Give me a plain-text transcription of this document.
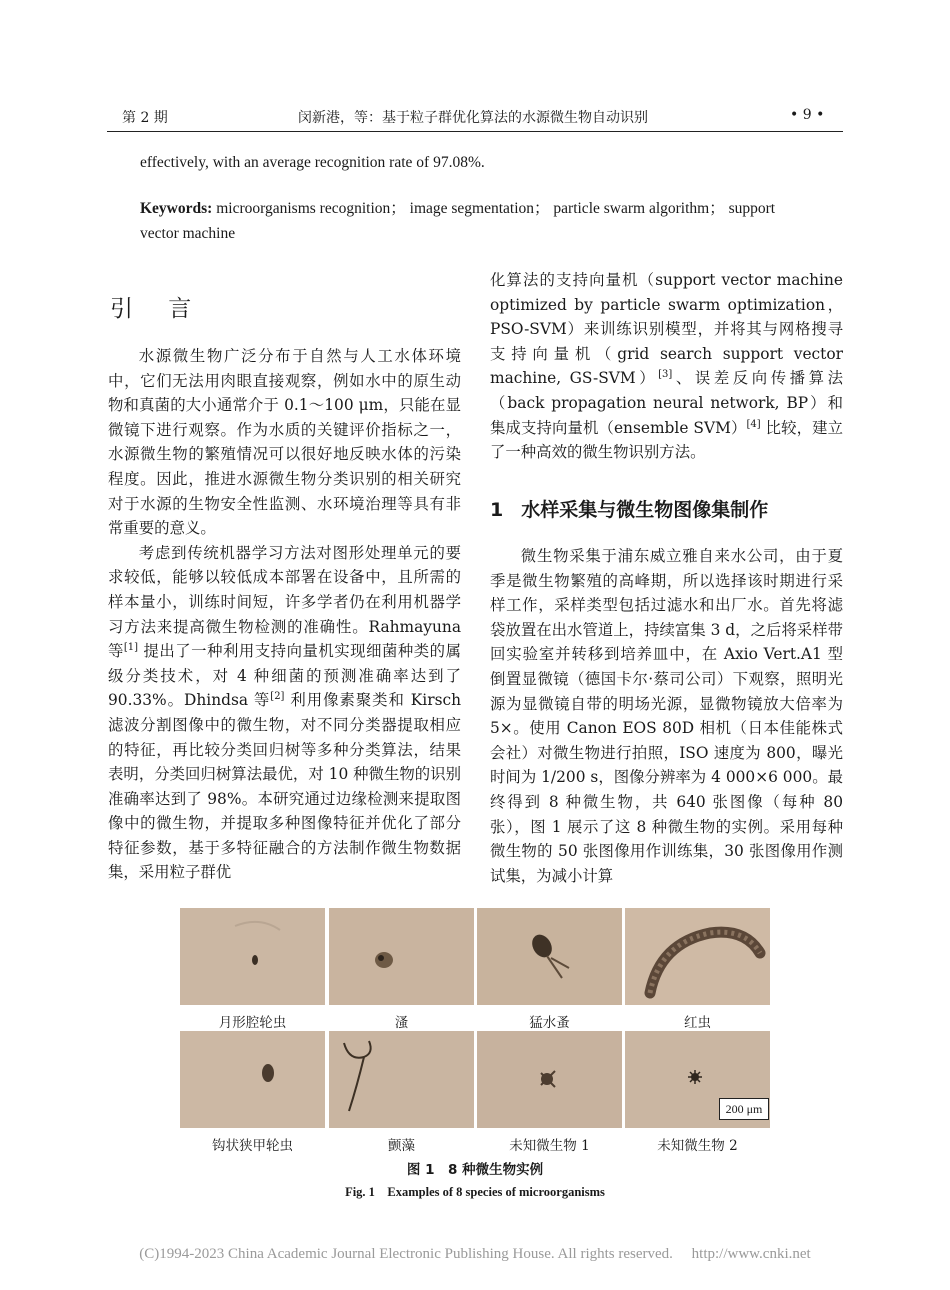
第 2 期	闵新港，等：基于粒子群优化算法的水源微生物自动识别	• 9 •
effectively, with an average recognition rate of 97.08%.
Keywords: microorganisms recognition； image segmentation； particle swarm algorithm； support vector machine
引 言

水源微生物广泛分布于自然与人工水体环境中，它们无法用肉眼直接观察，例如水中的原生动物和真菌的大小通常介于 0.1～100 μm，只能在显微镜下进行观察。作为水质的关键评价指标之一，水源微生物的繁殖情况可以很好地反映水体的污染程度。因此，推进水源微生物分类识别的相关研究对于水源的生物安全性监测、水环境治理等具有非常重要的意义。

考虑到传统机器学习方法对图形处理单元的要求较低，能够以较低成本部署在设备中，且所需的样本量小，训练时间短，许多学者仍在利用机器学习方法来提高微生物检测的准确性。Rahmayuna 等[1] 提出了一种利用支持向量机实现细菌种类的属级分类技术，对 4 种细菌的预测准确率达到了 90.33%。Dhindsa 等[2] 利用像素聚类和 Kirsch 滤波分割图像中的微生物，对不同分类器提取相应的特征，再比较分类回归树等多种分类算法，结果表明，分类回归树算法最优，对 10 种微生物的识别准确率达到了 98%。本研究通过边缘检测来提取图像中的微生物，并提取多种图像特征并优化了部分特征参数，基于多特征融合的方法制作微生物数据集，采用粒子群优

化算法的支持向量机（support vector machine optimized by particle swarm optimization，PSO-SVM）来训练识别模型，并将其与网格搜寻支持向量机（grid search support vector machine, GS-SVM）[3]、误差反向传播算法（back propagation neural network, BP）和集成支持向量机（ensemble SVM）[4] 比较，建立了一种高效的微生物识别方法。

1 水样采集与微生物图像集制作

微生物采集于浦东威立雅自来水公司，由于夏季是微生物繁殖的高峰期，所以选择该时期进行采样工作，采样类型包括过滤水和出厂水。首先将滤袋放置在出水管道上，持续富集 3 d，之后将采样带回实验室并转移到培养皿中，在 Axio Vert.A1 型倒置显微镜（德国卡尔·蔡司公司）下观察，照明光源为显微镜自带的明场光源，显微物镜放大倍率为 5×。使用 Canon EOS 80D 相机（日本佳能株式会社）对微生物进行拍照，ISO 速度为 800，曝光时间为 1/200 s，图像分辨率为 4 000×6 000。最终得到 8 种微生物，共 640 张图像（每种 80 张），图 1 展示了这 8 种微生物的实例。采用每种微生物的 50 张图像用作训练集，30 张图像用作测试集，为减小计算

月形腔轮虫	溞	猛水蚤	红虫
200 μm
钩状狭甲轮虫	颤藻	未知微生物 1	未知微生物 2
图 1　8 种微生物实例
Fig. 1　Examples of 8 species of microorganisms
(C)1994-2023 China Academic Journal Electronic Publishing House. All rights reserved.　 http://www.cnki.net
